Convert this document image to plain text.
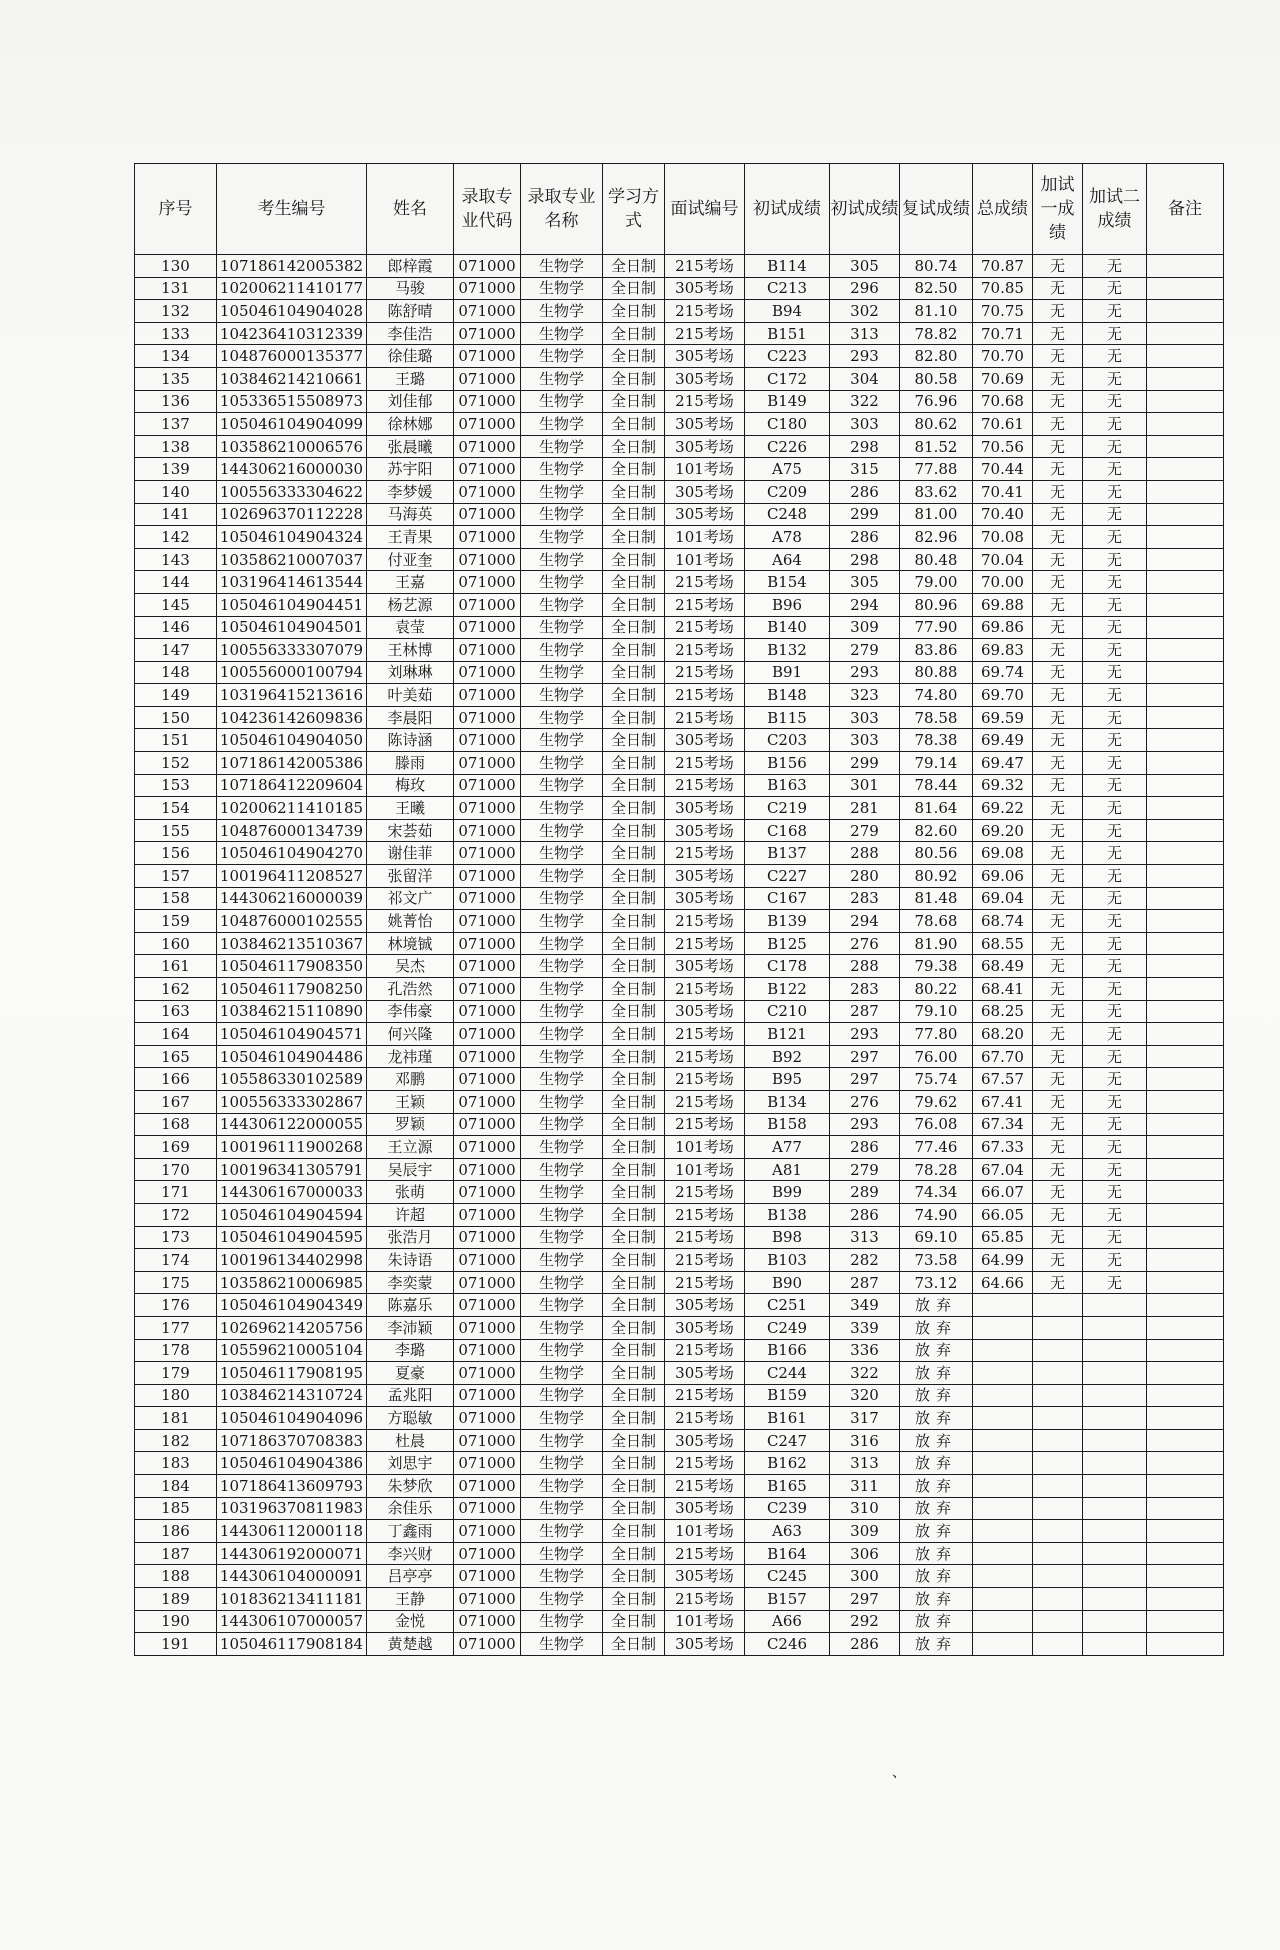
序号	考生编号	姓名	录取专业代码	录取专业名称	学习方式	面试编号	初试成绩	初试成绩	复试成绩	总成绩	加试一成绩	加试二成绩	备注
130	107186142005382	郎梓霞	071000	生物学	全日制	215考场	B114	305	80.74	70.87	无	无	
131	102006211410177	马骏	071000	生物学	全日制	305考场	C213	296	82.50	70.85	无	无	
132	105046104904028	陈舒晴	071000	生物学	全日制	215考场	B94	302	81.10	70.75	无	无	
133	104236410312339	李佳浩	071000	生物学	全日制	215考场	B151	313	78.82	70.71	无	无	
134	104876000135377	徐佳璐	071000	生物学	全日制	305考场	C223	293	82.80	70.70	无	无	
135	103846214210661	王璐	071000	生物学	全日制	305考场	C172	304	80.58	70.69	无	无	
136	105336515508973	刘佳郁	071000	生物学	全日制	215考场	B149	322	76.96	70.68	无	无	
137	105046104904099	徐林娜	071000	生物学	全日制	305考场	C180	303	80.62	70.61	无	无	
138	103586210006576	张晨曦	071000	生物学	全日制	305考场	C226	298	81.52	70.56	无	无	
139	144306216000030	苏宇阳	071000	生物学	全日制	101考场	A75	315	77.88	70.44	无	无	
140	100556333304622	李梦媛	071000	生物学	全日制	305考场	C209	286	83.62	70.41	无	无	
141	102696370112228	马海英	071000	生物学	全日制	305考场	C248	299	81.00	70.40	无	无	
142	105046104904324	王青果	071000	生物学	全日制	101考场	A78	286	82.96	70.08	无	无	
143	103586210007037	付亚奎	071000	生物学	全日制	101考场	A64	298	80.48	70.04	无	无	
144	103196414613544	王嘉	071000	生物学	全日制	215考场	B154	305	79.00	70.00	无	无	
145	105046104904451	杨艺源	071000	生物学	全日制	215考场	B96	294	80.96	69.88	无	无	
146	105046104904501	袁莹	071000	生物学	全日制	215考场	B140	309	77.90	69.86	无	无	
147	100556333307079	王林博	071000	生物学	全日制	215考场	B132	279	83.86	69.83	无	无	
148	100556000100794	刘琳琳	071000	生物学	全日制	215考场	B91	293	80.88	69.74	无	无	
149	103196415213616	叶美茹	071000	生物学	全日制	215考场	B148	323	74.80	69.70	无	无	
150	104236142609836	李晨阳	071000	生物学	全日制	215考场	B115	303	78.58	69.59	无	无	
151	105046104904050	陈诗涵	071000	生物学	全日制	305考场	C203	303	78.38	69.49	无	无	
152	107186142005386	滕雨	071000	生物学	全日制	215考场	B156	299	79.14	69.47	无	无	
153	107186412209604	梅玫	071000	生物学	全日制	215考场	B163	301	78.44	69.32	无	无	
154	102006211410185	王曦	071000	生物学	全日制	305考场	C219	281	81.64	69.22	无	无	
155	104876000134739	宋荟茹	071000	生物学	全日制	305考场	C168	279	82.60	69.20	无	无	
156	105046104904270	谢佳菲	071000	生物学	全日制	215考场	B137	288	80.56	69.08	无	无	
157	100196411208527	张留洋	071000	生物学	全日制	305考场	C227	280	80.92	69.06	无	无	
158	144306216000039	祁文广	071000	生物学	全日制	305考场	C167	283	81.48	69.04	无	无	
159	104876000102555	姚菁怡	071000	生物学	全日制	215考场	B139	294	78.68	68.74	无	无	
160	103846213510367	林境铖	071000	生物学	全日制	215考场	B125	276	81.90	68.55	无	无	
161	105046117908350	吴杰	071000	生物学	全日制	305考场	C178	288	79.38	68.49	无	无	
162	105046117908250	孔浩然	071000	生物学	全日制	215考场	B122	283	80.22	68.41	无	无	
163	103846215110890	李伟豪	071000	生物学	全日制	305考场	C210	287	79.10	68.25	无	无	
164	105046104904571	何兴隆	071000	生物学	全日制	215考场	B121	293	77.80	68.20	无	无	
165	105046104904486	龙祎瑾	071000	生物学	全日制	215考场	B92	297	76.00	67.70	无	无	
166	105586330102589	邓鹏	071000	生物学	全日制	215考场	B95	297	75.74	67.57	无	无	
167	100556333302867	王颖	071000	生物学	全日制	215考场	B134	276	79.62	67.41	无	无	
168	144306122000055	罗颖	071000	生物学	全日制	215考场	B158	293	76.08	67.34	无	无	
169	100196111900268	王立源	071000	生物学	全日制	101考场	A77	286	77.46	67.33	无	无	
170	100196341305791	吴辰宇	071000	生物学	全日制	101考场	A81	279	78.28	67.04	无	无	
171	144306167000033	张萌	071000	生物学	全日制	215考场	B99	289	74.34	66.07	无	无	
172	105046104904594	许超	071000	生物学	全日制	215考场	B138	286	74.90	66.05	无	无	
173	105046104904595	张浩月	071000	生物学	全日制	215考场	B98	313	69.10	65.85	无	无	
174	100196134402998	朱诗语	071000	生物学	全日制	215考场	B103	282	73.58	64.99	无	无	
175	103586210006985	李奕蒙	071000	生物学	全日制	215考场	B90	287	73.12	64.66	无	无	
176	105046104904349	陈嘉乐	071000	生物学	全日制	305考场	C251	349	放弃				
177	102696214205756	李沛颖	071000	生物学	全日制	305考场	C249	339	放弃				
178	105596210005104	李璐	071000	生物学	全日制	215考场	B166	336	放弃				
179	105046117908195	夏豪	071000	生物学	全日制	305考场	C244	322	放弃				
180	103846214310724	孟兆阳	071000	生物学	全日制	215考场	B159	320	放弃				
181	105046104904096	方聪敏	071000	生物学	全日制	215考场	B161	317	放弃				
182	107186370708383	杜晨	071000	生物学	全日制	305考场	C247	316	放弃				
183	105046104904386	刘思宇	071000	生物学	全日制	215考场	B162	313	放弃				
184	107186413609793	朱梦欣	071000	生物学	全日制	215考场	B165	311	放弃				
185	103196370811983	余佳乐	071000	生物学	全日制	305考场	C239	310	放弃				
186	144306112000118	丁鑫雨	071000	生物学	全日制	101考场	A63	309	放弃				
187	144306192000071	李兴财	071000	生物学	全日制	215考场	B164	306	放弃				
188	144306104000091	吕亭亭	071000	生物学	全日制	305考场	C245	300	放弃				
189	101836213411181	王静	071000	生物学	全日制	215考场	B157	297	放弃				
190	144306107000057	金悦	071000	生物学	全日制	101考场	A66	292	放弃				
191	105046117908184	黄楚越	071000	生物学	全日制	305考场	C246	286	放弃				
、
